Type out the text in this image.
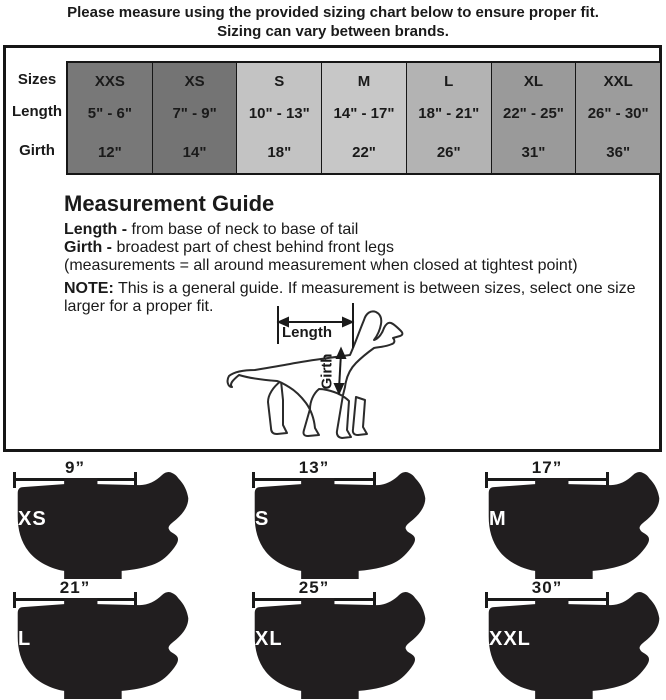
Please measure using the provided sizing chart below to ensure proper fit.
Sizing can vary between brands.
Sizes
Length
Girth
XXS
5" - 6"
12"
XS
7" - 9"
14"
S
10" - 13"
18"
M
14" - 17"
22"
L
18" - 21"
26"
XL
22" - 25"
31"
XXL
26" - 30"
36"
Measurement Guide

Length - from base of neck to base of tail

Girth - broadest part of chest behind front legs

(measurements = all around measurement when closed at tightest point)

NOTE: This is a general guide. If measurement is between sizes, select one size larger for a proper fit.

Length
Girth
9”
XS
13”
S
17”
M
21”
L
25”
XL
30”
XXL
